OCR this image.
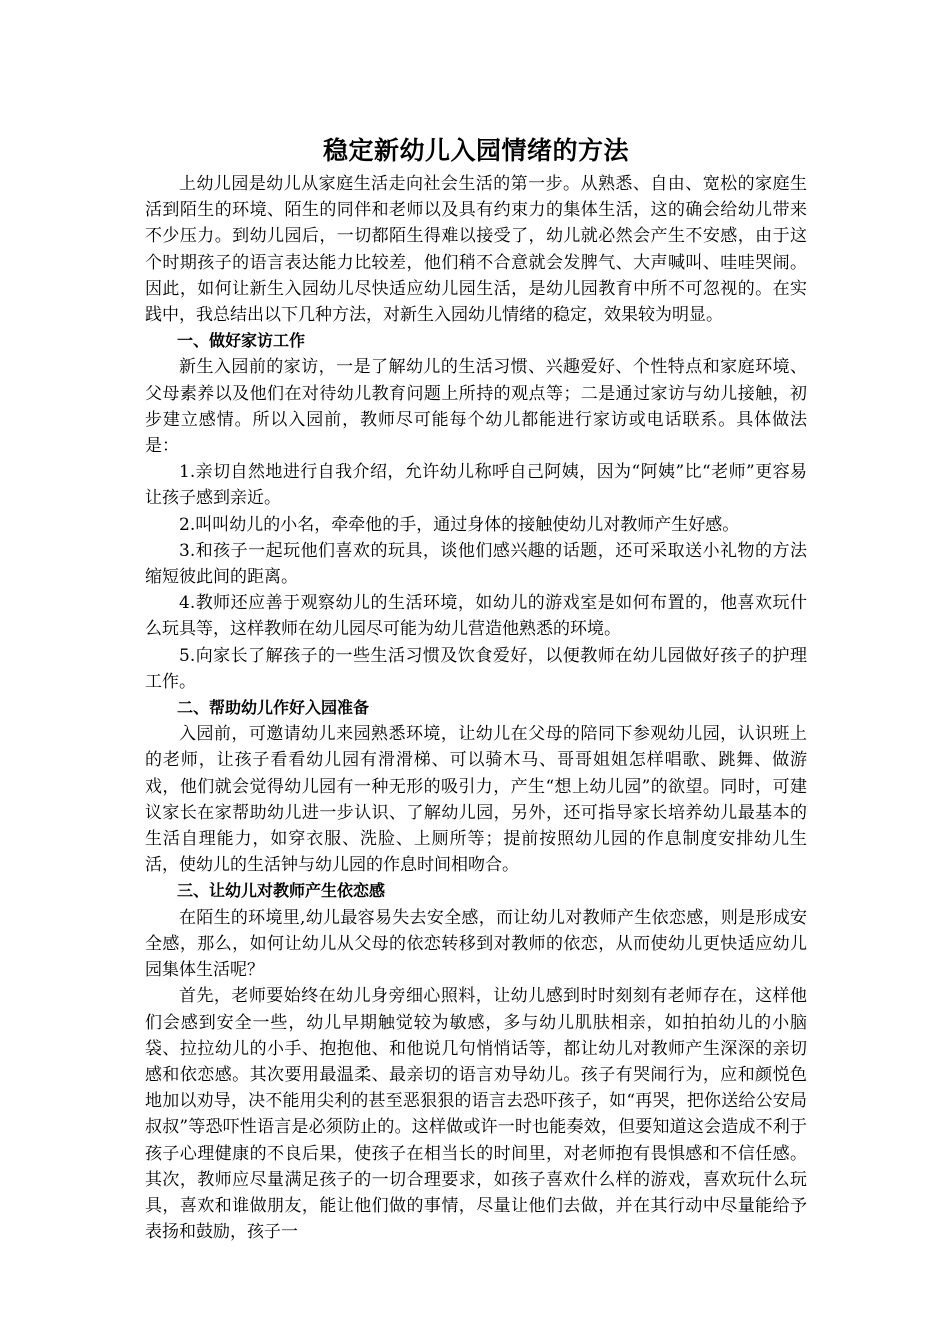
稳定新幼儿入园情绪的方法

上幼儿园是幼儿从家庭生活走向社会生活的第一步。从熟悉、自由、宽松的家庭生活到陌生的环境、陌生的同伴和老师以及具有约束力的集体生活，这的确会给幼儿带来不少压力。到幼儿园后，一切都陌生得难以接受了，幼儿就必然会产生不安感，由于这个时期孩子的语言表达能力比较差，他们稍不合意就会发脾气、大声喊叫、哇哇哭闹。因此，如何让新生入园幼儿尽快适应幼儿园生活，是幼儿园教育中所不可忽视的。在实践中，我总结出以下几种方法，对新生入园幼儿情绪的稳定，效果较为明显。

一、做好家访工作

新生入园前的家访，一是了解幼儿的生活习惯、兴趣爱好、个性特点和家庭环境、父母素养以及他们在对待幼儿教育问题上所持的观点等；二是通过家访与幼儿接触，初步建立感情。所以入园前，教师尽可能每个幼儿都能进行家访或电话联系。具体做法是：

1.亲切自然地进行自我介绍，允许幼儿称呼自己阿姨，因为“阿姨”比“老师”更容易让孩子感到亲近。

2.叫叫幼儿的小名，牵牵他的手，通过身体的接触使幼儿对教师产生好感。

3.和孩子一起玩他们喜欢的玩具，谈他们感兴趣的话题，还可采取送小礼物的方法缩短彼此间的距离。

4.教师还应善于观察幼儿的生活环境，如幼儿的游戏室是如何布置的，他喜欢玩什么玩具等，这样教师在幼儿园尽可能为幼儿营造他熟悉的环境。

5.向家长了解孩子的一些生活习惯及饮食爱好，以便教师在幼儿园做好孩子的护理工作。

二、帮助幼儿作好入园准备

入园前，可邀请幼儿来园熟悉环境，让幼儿在父母的陪同下参观幼儿园，认识班上的老师，让孩子看看幼儿园有滑滑梯、可以骑木马、哥哥姐姐怎样唱歌、跳舞、做游戏，他们就会觉得幼儿园有一种无形的吸引力，产生“想上幼儿园”的欲望。同时，可建议家长在家帮助幼儿进一步认识、了解幼儿园，另外，还可指导家长培养幼儿最基本的生活自理能力，如穿衣服、洗脸、上厕所等；提前按照幼儿园的作息制度安排幼儿生活，使幼儿的生活钟与幼儿园的作息时间相吻合。

三、让幼儿对教师产生依恋感

在陌生的环境里,幼儿最容易失去安全感，而让幼儿对教师产生依恋感，则是形成安全感，那么，如何让幼儿从父母的依恋转移到对教师的依恋，从而使幼儿更快适应幼儿园集体生活呢？

首先，老师要始终在幼儿身旁细心照料，让幼儿感到时时刻刻有老师存在，这样他们会感到安全一些，幼儿早期触觉较为敏感，多与幼儿肌肤相亲，如拍拍幼儿的小脑袋、拉拉幼儿的小手、抱抱他、和他说几句悄悄话等，都让幼儿对教师产生深深的亲切感和依恋感。其次要用最温柔、最亲切的语言劝导幼儿。孩子有哭闹行为，应和颜悦色地加以劝导，决不能用尖利的甚至恶狠狠的语言去恐吓孩子，如“再哭，把你送给公安局叔叔”等恐吓性语言是必须防止的。这样做或许一时也能奏效，但要知道这会造成不利于孩子心理健康的不良后果，使孩子在相当长的时间里，对老师抱有畏惧感和不信任感。其次，教师应尽量满足孩子的一切合理要求，如孩子喜欢什么样的游戏，喜欢玩什么玩具，喜欢和谁做朋友，能让他们做的事情，尽量让他们去做，并在其行动中尽量能给予表扬和鼓励，孩子一
